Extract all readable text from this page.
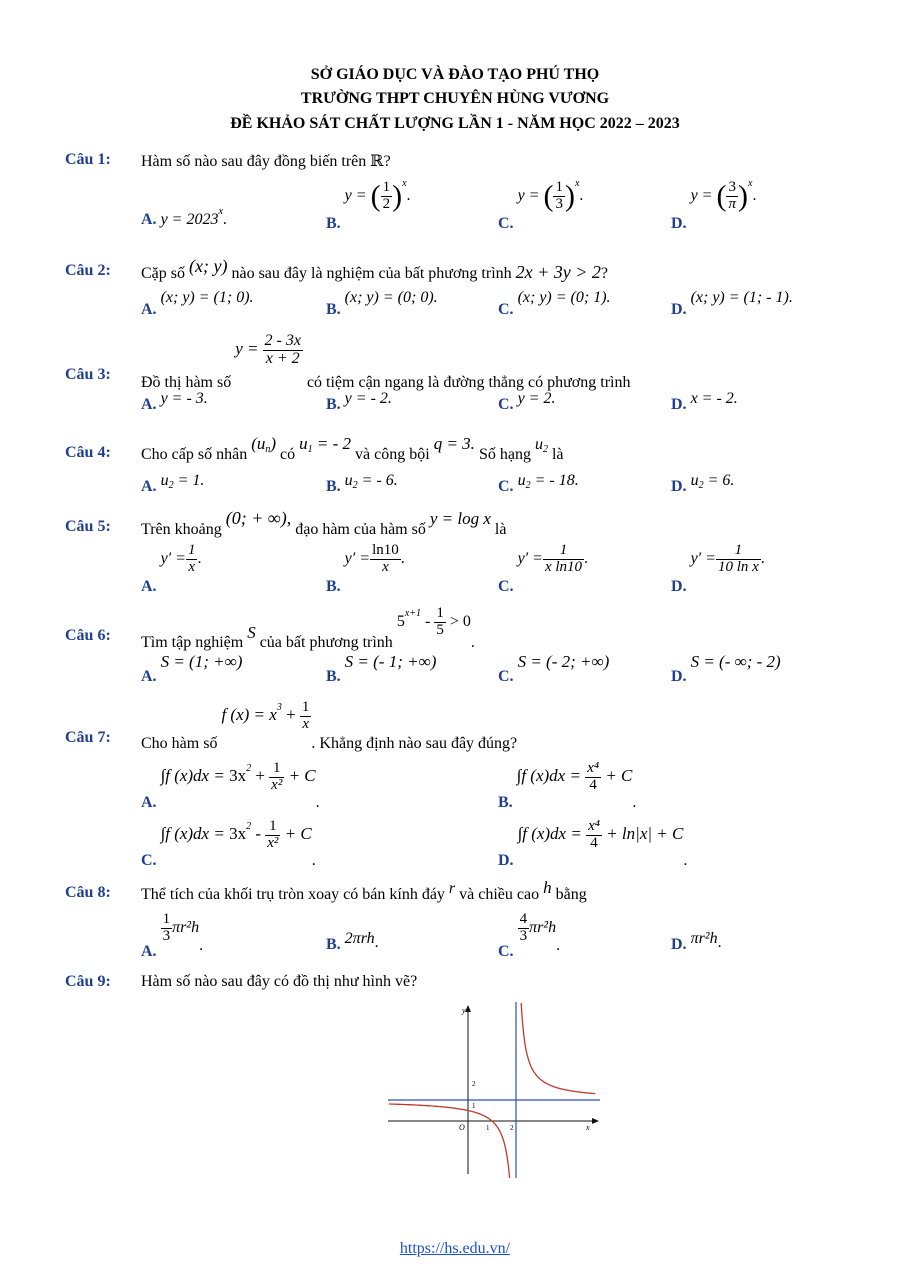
SỞ GIÁO DỤC VÀ ĐÀO TẠO PHÚ THỌ
TRƯỜNG THPT CHUYÊN HÙNG VƯƠNG
ĐỀ KHẢO SÁT CHẤT LƯỢNG LẦN 1 - NĂM HỌC 2022 – 2023
Câu 1: Hàm số nào sau đây đồng biến trên ℝ?
A. $y = 2023^x$.	B. y = ( $\frac{1}{2} )^x$.
C. y = ( $\frac{1}{3} )^x$.
D. y = ( $\frac{3}{\pi} )^x$.
Câu 2: Cặp số (x; y) nào sau đây là nghiệm của bất phương trình 2x + 3y > 2?
A. (x; y) = (1; 0).
B. (x; y) = (0; 0).
C. (x; y) = (0; 1).
D. (x; y) = (1; - 1).
Câu 3: Đồ thị hàm số $y = \frac{2 - 3x}{x + 2}$
có tiệm cận ngang là đường thẳng có phương trình
A. y = - 3.	B. y = - 2.	C. y = 2.	D. x = - 2.
Câu 4: Cho cấp số nhân $(u_n)$ có $u_1$ = - 2 và công bội q = 3. Số hạng $u_2$ là
A. $u_2 = 1$.	B. $u_2$ = - 6.	C. $u_2$ = - 18.	D. $u_2 = 6$.
Câu 5: Trên khoảng (0; + ∞), đạo hàm của hàm số y = log x là
A. $y' = \frac{1}{x}$ .
B. $y' = \frac{\ln 10}{x}$ .
C. $y' = \frac{1}{\text{x ln10}}$ .
D. $y' = \frac{1}{\text{10 ln x}}$ .
Câu 6: Tìm tập nghiệm S của bất phương trình $5^{x+1} - \frac{1}{5} > 0$.
A. S = (1; +∞)
B. S = (- 1; +∞)
C. S = (- 2; +∞)
D. S = (- ∞; - 2)
Câu 7: Cho hàm số f $(x) = x^3 + \frac{1}{x}$
. Khẳng định nào sau đây đúng?
A. ∫f $(x)dx = 3x^2 + \frac{1}{\text{x²}} + C$.	B. ∫f $(x)dx = \frac{\text{x⁴}}{4} + C$.
C. ∫f $(x)dx = 3x^2 - \frac{1}{\text{x²}} + C$.	D. ∫f $(x)dx = \frac{\text{x⁴}}{4} + \ln|x| + C$.
Câu 8: Thể tích của khối trụ tròn xoay có bán kính đáy r và chiều cao h bằng
A.
$\frac{1}{3} \pi r^2h$.	B. 2πrh.
C.
$\frac{4}{3} \pi r^2h$.	D. πr²h.
Câu 9: Hàm số nào sau đây có đồ thị như hình vẽ?
y
x
O	1	2
1
2
https://hs.edu.vn/
